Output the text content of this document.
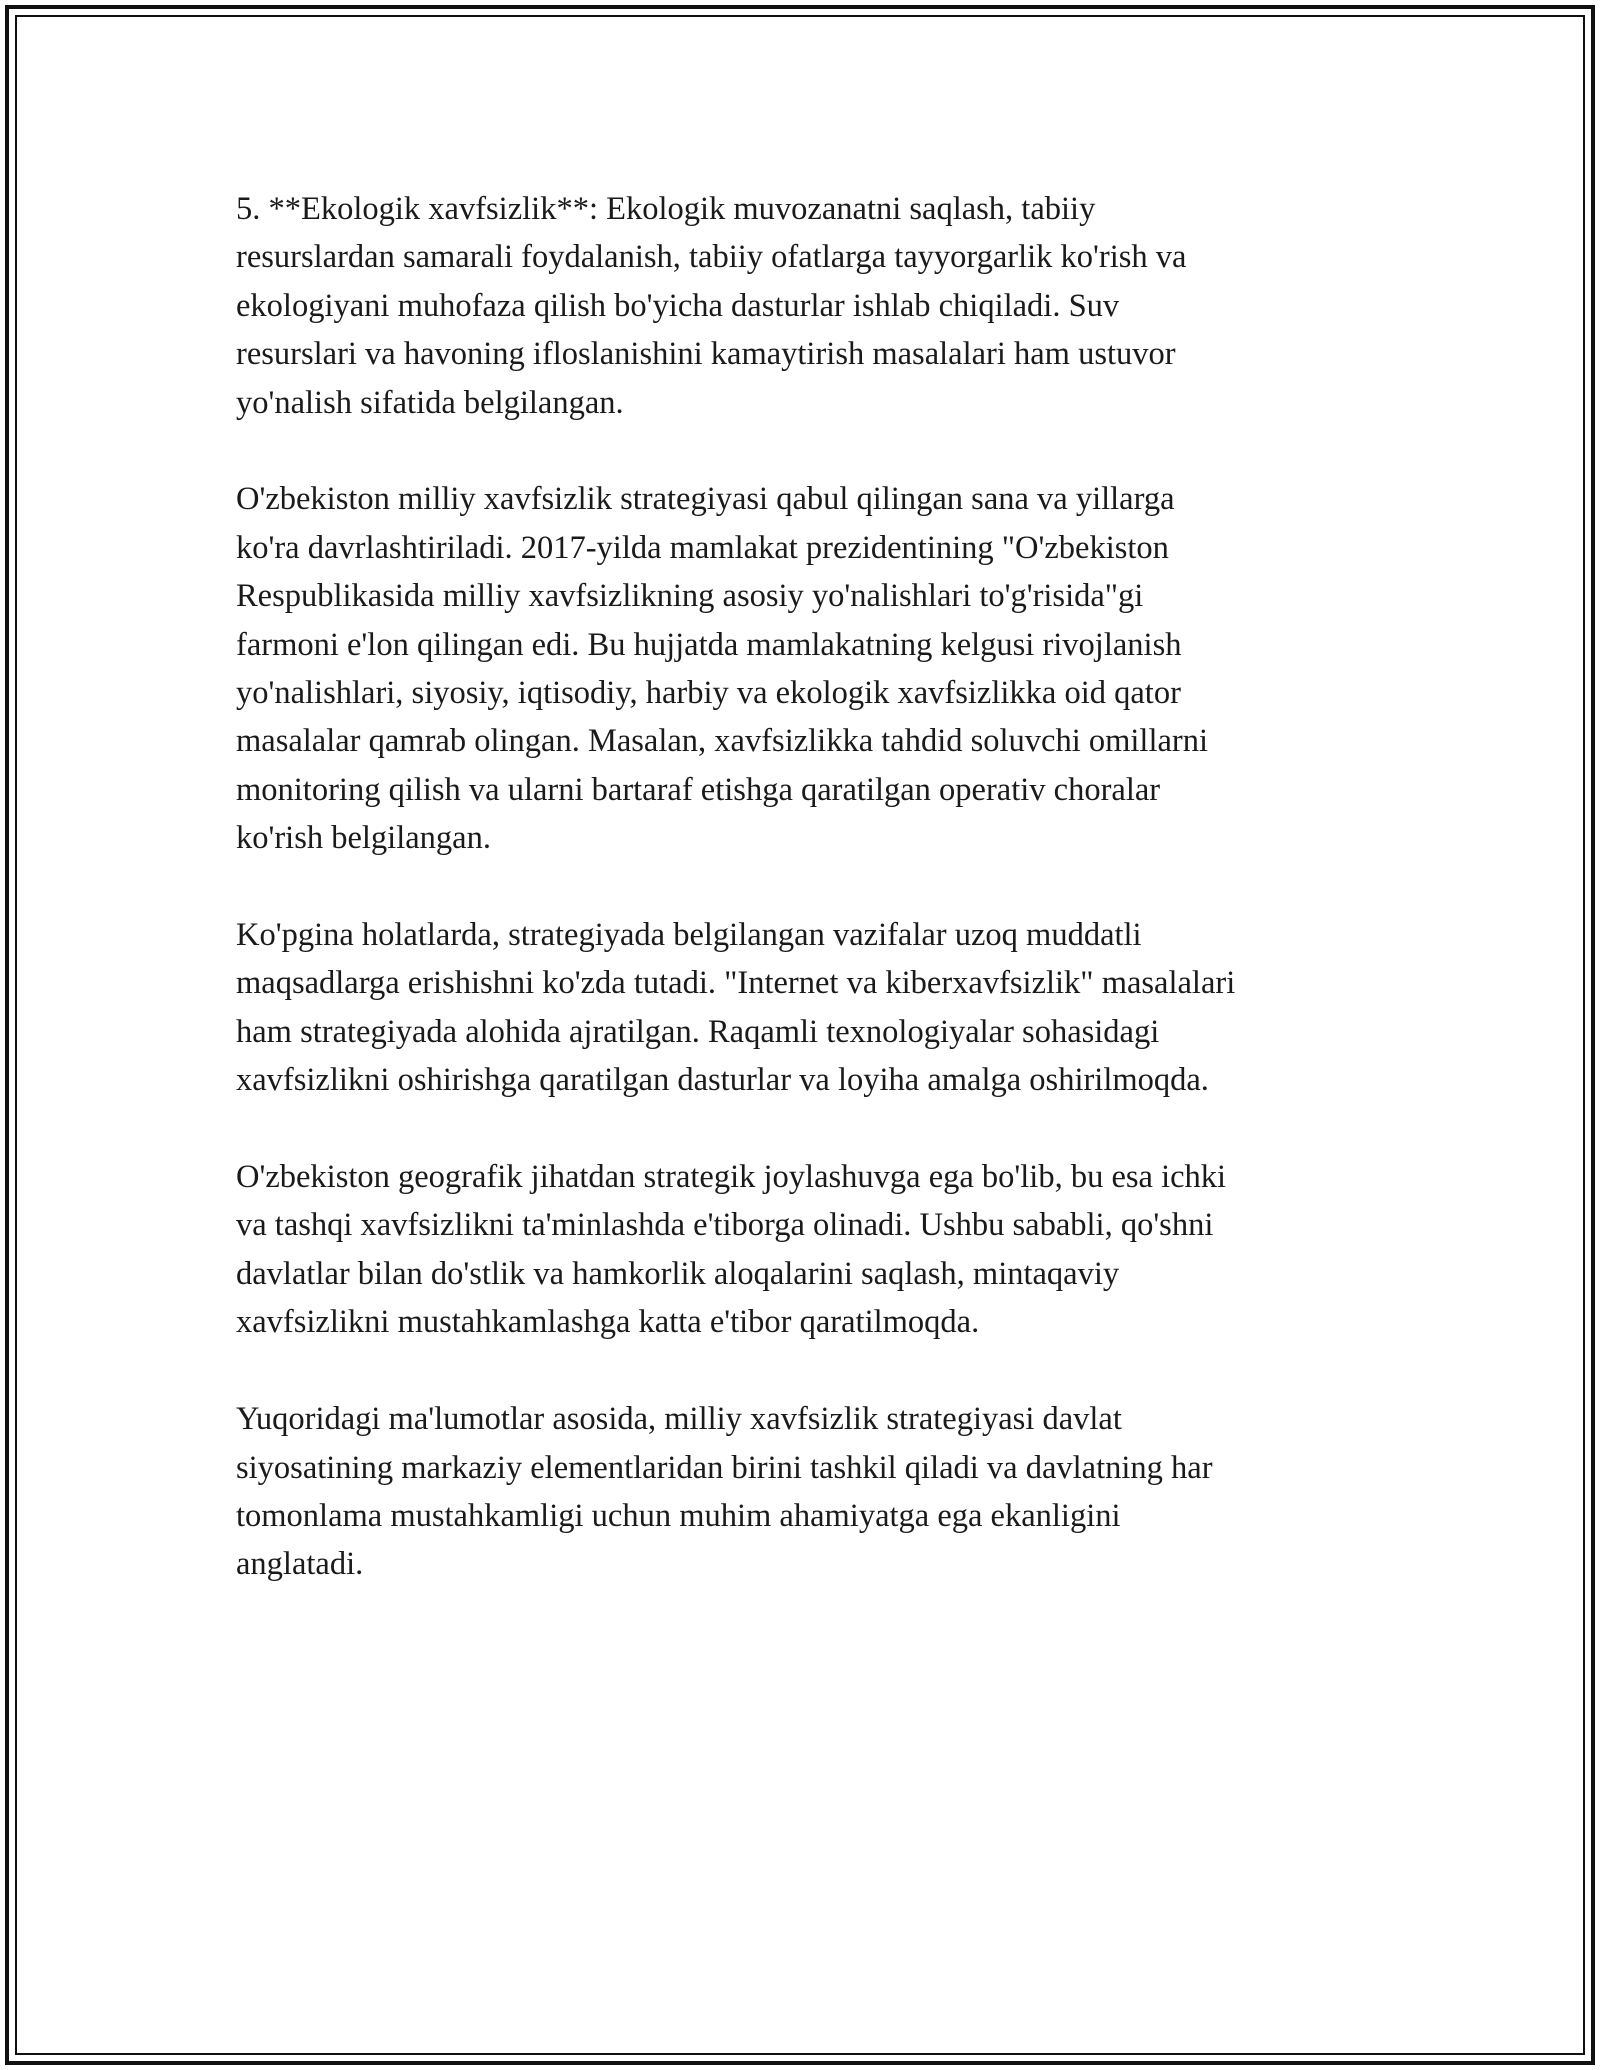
5. **Ekologik xavfsizlik**: Ekologik muvozanatni saqlash, tabiiy
resurslardan samarali foydalanish, tabiiy ofatlarga tayyorgarlik ko'rish va
ekologiyani muhofaza qilish bo'yicha dasturlar ishlab chiqiladi. Suv
resurslari va havoning ifloslanishini kamaytirish masalalari ham ustuvor
yo'nalish sifatida belgilangan.

O'zbekiston milliy xavfsizlik strategiyasi qabul qilingan sana va yillarga
ko'ra davrlashtiriladi. 2017-yilda mamlakat prezidentining "O'zbekiston
Respublikasida milliy xavfsizlikning asosiy yo'nalishlari to'g'risida"gi
farmoni e'lon qilingan edi. Bu hujjatda mamlakatning kelgusi rivojlanish
yo'nalishlari, siyosiy, iqtisodiy, harbiy va ekologik xavfsizlikka oid qator
masalalar qamrab olingan. Masalan, xavfsizlikka tahdid soluvchi omillarni
monitoring qilish va ularni bartaraf etishga qaratilgan operativ choralar
ko'rish belgilangan.

Ko'pgina holatlarda, strategiyada belgilangan vazifalar uzoq muddatli
maqsadlarga erishishni ko'zda tutadi. "Internet va kiberxavfsizlik" masalalari
ham strategiyada alohida ajratilgan. Raqamli texnologiyalar sohasidagi
xavfsizlikni oshirishga qaratilgan dasturlar va loyiha amalga oshirilmoqda.

O'zbekiston geografik jihatdan strategik joylashuvga ega bo'lib, bu esa ichki
va tashqi xavfsizlikni ta'minlashda e'tiborga olinadi. Ushbu sababli, qo'shni
davlatlar bilan do'stlik va hamkorlik aloqalarini saqlash, mintaqaviy
xavfsizlikni mustahkamlashga katta e'tibor qaratilmoqda.

Yuqoridagi ma'lumotlar asosida, milliy xavfsizlik strategiyasi davlat
siyosatining markaziy elementlaridan birini tashkil qiladi va davlatning har
tomonlama mustahkamligi uchun muhim ahamiyatga ega ekanligini
anglatadi.
